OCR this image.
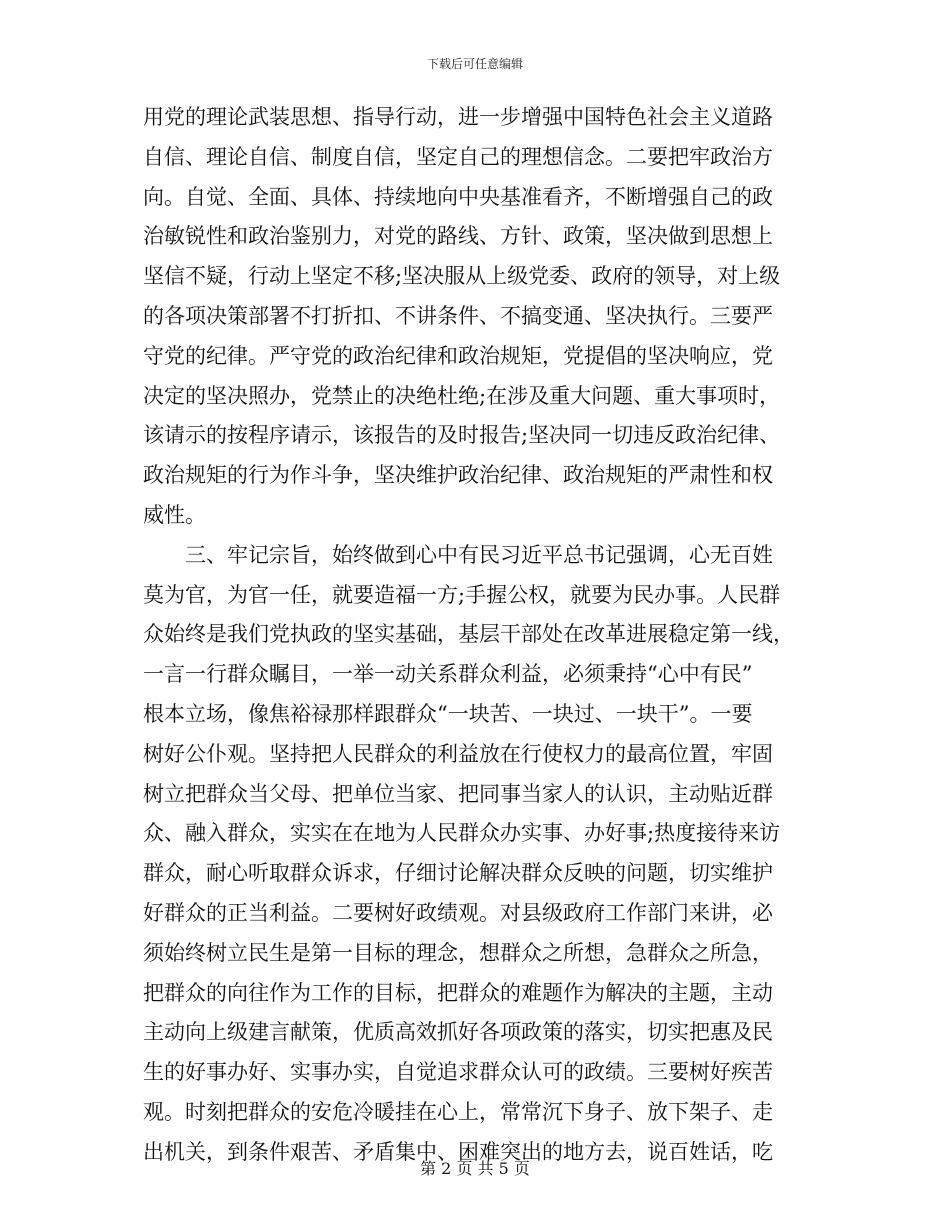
下载后可任意编辑
用党的理论武装思想、指导行动，进一步增强中国特色社会主义道路
自信、理论自信、制度自信，坚定自己的理想信念。二要把牢政治方
向。自觉、全面、具体、持续地向中央基准看齐，不断增强自己的政
治敏锐性和政治鉴别力，对党的路线、方针、政策，坚决做到思想上
坚信不疑，行动上坚定不移;坚决服从上级党委、政府的领导，对上级
的各项决策部署不打折扣、不讲条件、不搞变通、坚决执行。三要严
守党的纪律。严守党的政治纪律和政治规矩，党提倡的坚决响应，党
决定的坚决照办，党禁止的决绝杜绝;在涉及重大问题、重大事项时，
该请示的按程序请示，该报告的及时报告;坚决同一切违反政治纪律、
政治规矩的行为作斗争，坚决维护政治纪律、政治规矩的严肃性和权
威性。
三、牢记宗旨，始终做到心中有民习近平总书记强调，心无百姓
莫为官，为官一任，就要造福一方;手握公权，就要为民办事。人民群
众始终是我们党执政的坚实基础，基层干部处在改革进展稳定第一线，
一言一行群众瞩目，一举一动关系群众利益，必须秉持“心中有民”
根本立场，像焦裕禄那样跟群众“一块苦、一块过、一块干”。一要
树好公仆观。坚持把人民群众的利益放在行使权力的最高位置，牢固
树立把群众当父母、把单位当家、把同事当家人的认识，主动贴近群
众、融入群众，实实在在地为人民群众办实事、办好事;热度接待来访
群众，耐心听取群众诉求，仔细讨论解决群众反映的问题，切实维护
好群众的正当利益。二要树好政绩观。对县级政府工作部门来讲，必
须始终树立民生是第一目标的理念，想群众之所想，急群众之所急，
把群众的向往作为工作的目标，把群众的难题作为解决的主题，主动
主动向上级建言献策，优质高效抓好各项政策的落实，切实把惠及民
生的好事办好、实事办实，自觉追求群众认可的政绩。三要树好疾苦
观。时刻把群众的安危冷暖挂在心上，常常沉下身子、放下架子、走
出机关，到条件艰苦、矛盾集中、困难突出的地方去，说百姓话，吃
第 2 页 共 5 页
